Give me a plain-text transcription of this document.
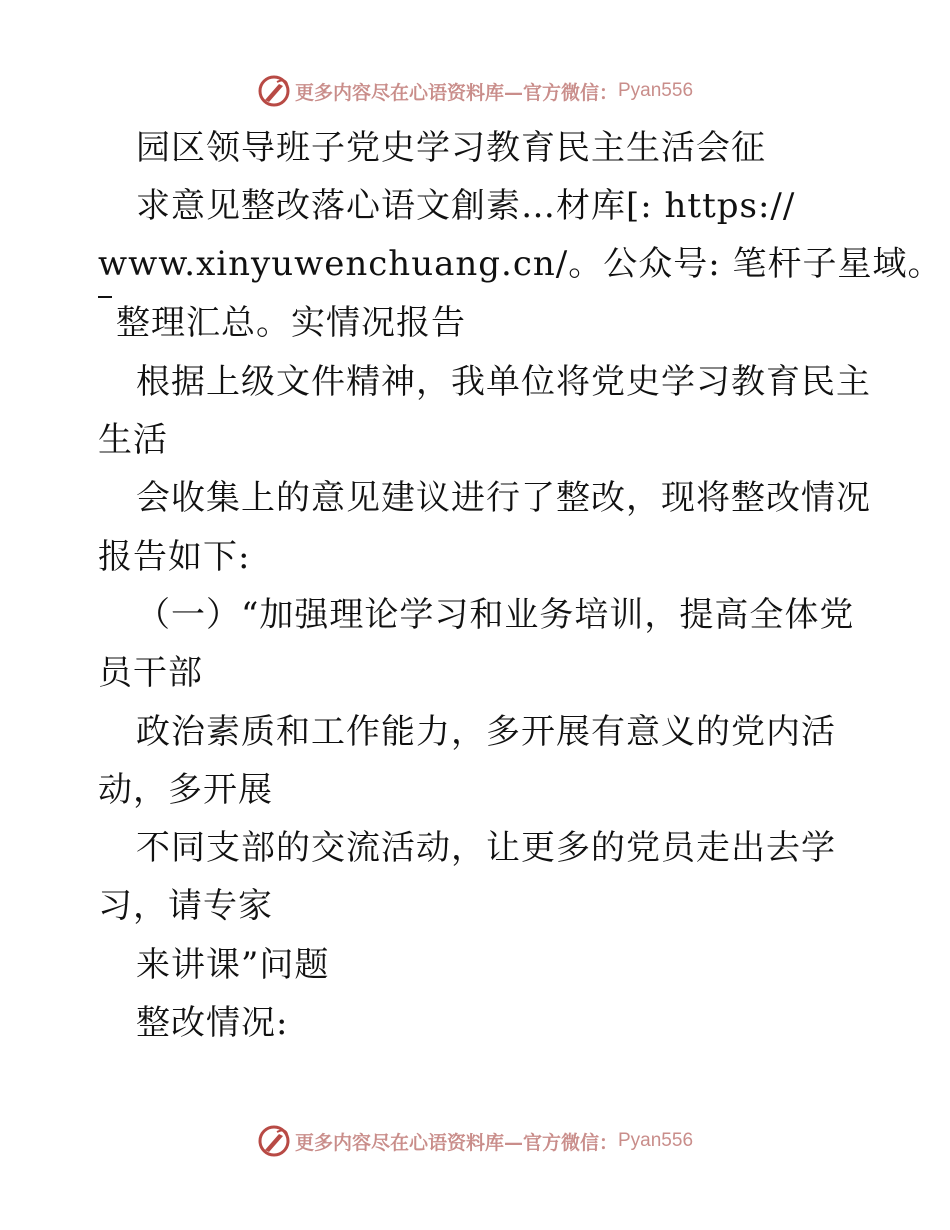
更多内容尽在心语资料库—官方微信： Pyan556
园区领导班子党史学习教育民主生活会征
求意见整改落心语文創素…材库[: https://
www.xinyuwenchuang.cn/。公众号: 笔杆子星域。
整理汇总。实情况报告
根据上级文件精神，我单位将党史学习教育民主
生活
会收集上的意见建议进行了整改，现将整改情况
报告如下:
（一）“加强理论学习和业务培训，提高全体党
员干部
政治素质和工作能力，多开展有意义的党内活
动，多开展
不同支部的交流活动，让更多的党员走出去学
习，请专家
来讲课”问题
整改情况:
更多内容尽在心语资料库—官方微信： Pyan556
